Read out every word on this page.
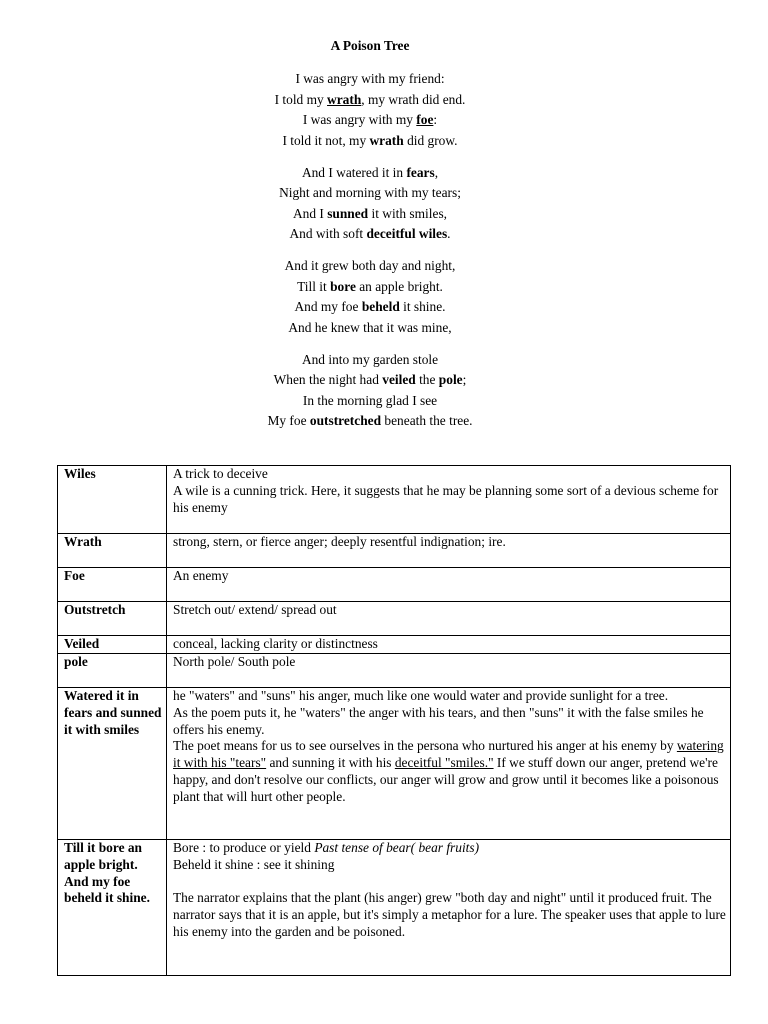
A Poison Tree
I was angry with my friend:
I told my wrath, my wrath did end.
I was angry with my foe:
I told it not, my wrath did grow.
And I watered it in fears,
Night and morning with my tears;
And I sunned it with smiles,
And with soft deceitful wiles.
And it grew both day and night,
Till it bore an apple bright.
And my foe beheld it shine.
And he knew that it was mine,
And into my garden stole
When the night had veiled the pole;
In the morning glad I see
My foe outstretched beneath the tree.
Wiles	A trick to deceive
A wile is a cunning trick. Here, it suggests that he may be planning some sort of a devious scheme for his enemy

Wrath	strong, stern, or fierce anger; deeply resentful indignation; ire.

Foe	An enemy

Outstretch	Stretch out/ extend/ spread out

Veiled	conceal, lacking clarity or distinctness

pole	North pole/ South pole

Watered it in fears and sunned it with smiles	he "waters" and "suns" his anger, much like one would water and provide sunlight for a tree.
As the poem puts it, he "waters" the anger with his tears, and then "suns" it with the false smiles he offers his enemy.
The poet means for us to see ourselves in the persona who nurtured his anger at his enemy by watering it with his "tears" and sunning it with his deceitful "smiles." If we stuff down our anger, pretend we're happy, and don't resolve our conflicts, our anger will grow and grow until it becomes like a poisonous plant that will hurt other people.

Till it bore an apple bright. And my foe beheld it shine.	Bore : to produce or yield Past tense of bear( bear fruits)
Beheld it shine : see it shining

The narrator explains that the plant (his anger) grew "both day and night" until it produced fruit. The narrator says that it is an apple, but it's simply a metaphor for a lure. The speaker uses that apple to lure his enemy into the garden and be poisoned.
